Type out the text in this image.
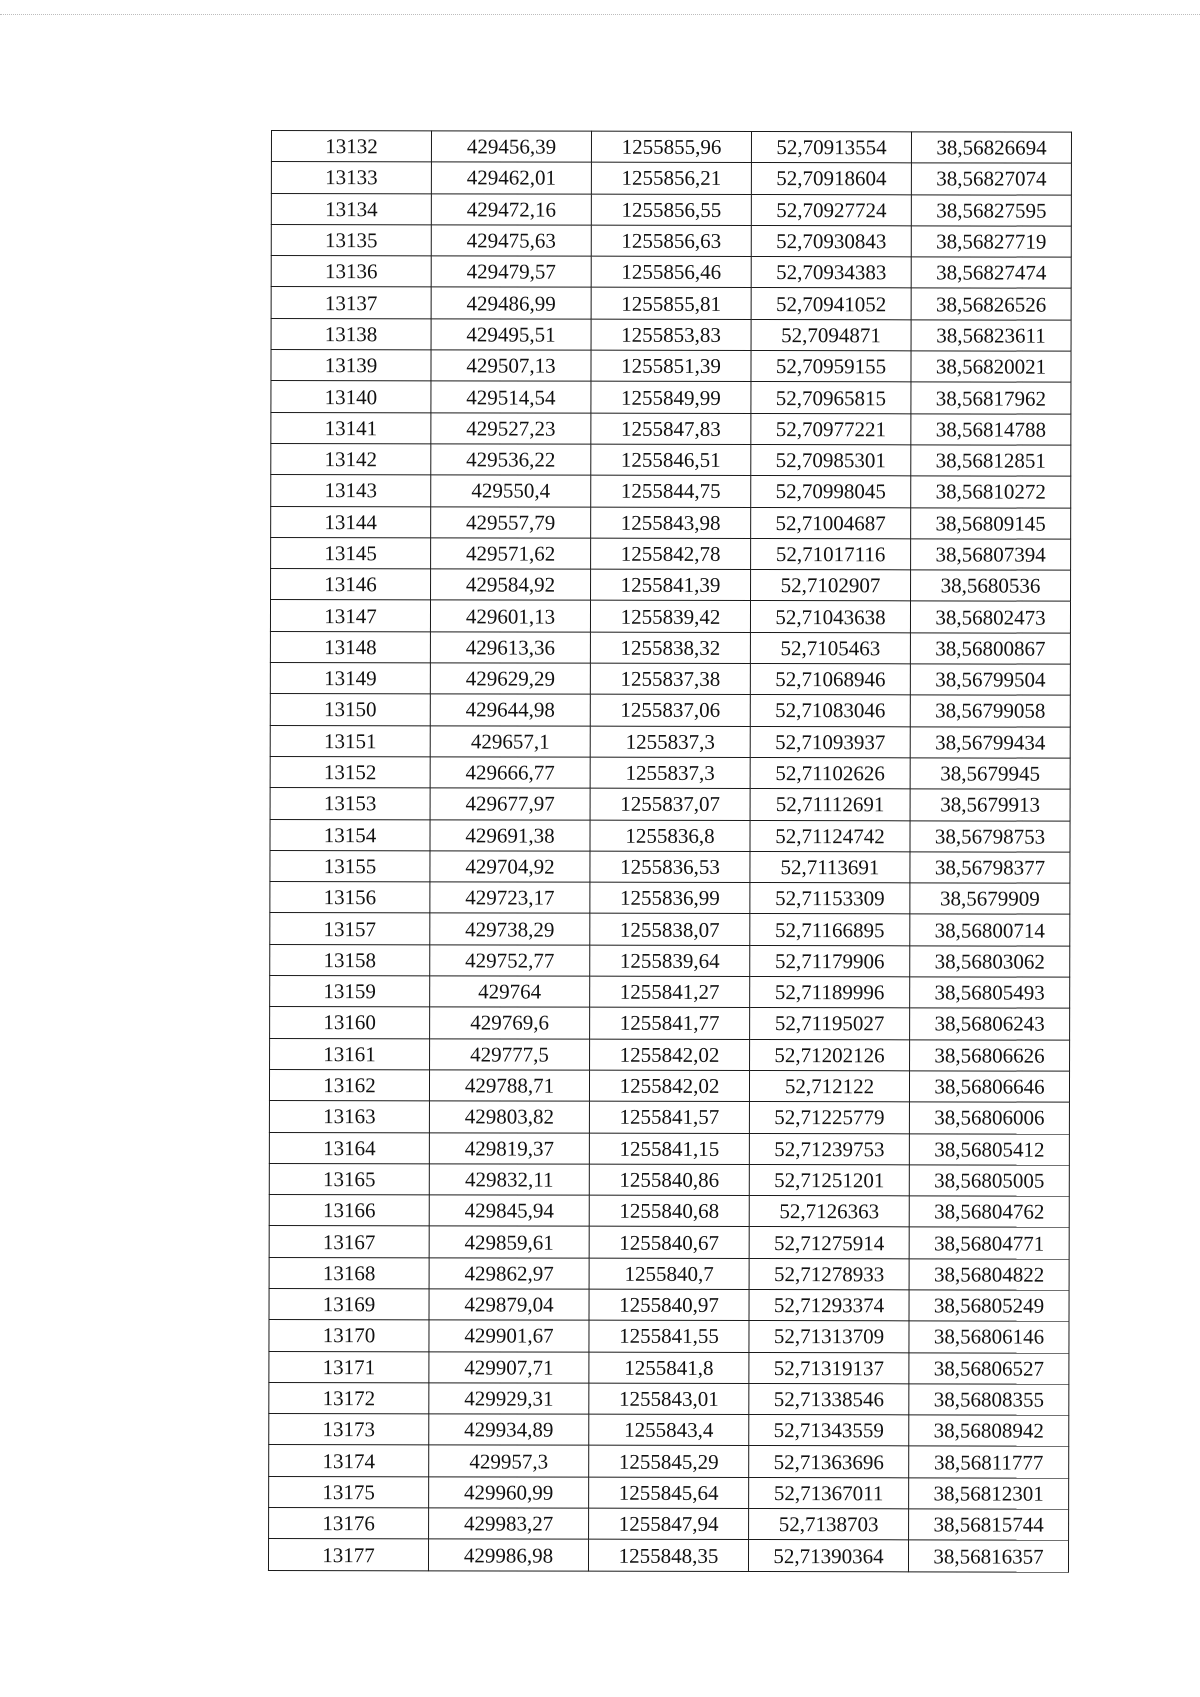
13132	429456,39	1255855,96	52,70913554	38,56826694
13133	429462,01	1255856,21	52,70918604	38,56827074
13134	429472,16	1255856,55	52,70927724	38,56827595
13135	429475,63	1255856,63	52,70930843	38,56827719
13136	429479,57	1255856,46	52,70934383	38,56827474
13137	429486,99	1255855,81	52,70941052	38,56826526
13138	429495,51	1255853,83	52,7094871	38,56823611
13139	429507,13	1255851,39	52,70959155	38,56820021
13140	429514,54	1255849,99	52,70965815	38,56817962
13141	429527,23	1255847,83	52,70977221	38,56814788
13142	429536,22	1255846,51	52,70985301	38,56812851
13143	429550,4	1255844,75	52,70998045	38,56810272
13144	429557,79	1255843,98	52,71004687	38,56809145
13145	429571,62	1255842,78	52,71017116	38,56807394
13146	429584,92	1255841,39	52,7102907	38,5680536
13147	429601,13	1255839,42	52,71043638	38,56802473
13148	429613,36	1255838,32	52,7105463	38,56800867
13149	429629,29	1255837,38	52,71068946	38,56799504
13150	429644,98	1255837,06	52,71083046	38,56799058
13151	429657,1	1255837,3	52,71093937	38,56799434
13152	429666,77	1255837,3	52,71102626	38,5679945
13153	429677,97	1255837,07	52,71112691	38,5679913
13154	429691,38	1255836,8	52,71124742	38,56798753
13155	429704,92	1255836,53	52,7113691	38,56798377
13156	429723,17	1255836,99	52,71153309	38,5679909
13157	429738,29	1255838,07	52,71166895	38,56800714
13158	429752,77	1255839,64	52,71179906	38,56803062
13159	429764	1255841,27	52,71189996	38,56805493
13160	429769,6	1255841,77	52,71195027	38,56806243
13161	429777,5	1255842,02	52,71202126	38,56806626
13162	429788,71	1255842,02	52,712122	38,56806646
13163	429803,82	1255841,57	52,71225779	38,56806006
13164	429819,37	1255841,15	52,71239753	38,56805412
13165	429832,11	1255840,86	52,71251201	38,56805005
13166	429845,94	1255840,68	52,7126363	38,56804762
13167	429859,61	1255840,67	52,71275914	38,56804771
13168	429862,97	1255840,7	52,71278933	38,56804822
13169	429879,04	1255840,97	52,71293374	38,56805249
13170	429901,67	1255841,55	52,71313709	38,56806146
13171	429907,71	1255841,8	52,71319137	38,56806527
13172	429929,31	1255843,01	52,71338546	38,56808355
13173	429934,89	1255843,4	52,71343559	38,56808942
13174	429957,3	1255845,29	52,71363696	38,56811777
13175	429960,99	1255845,64	52,71367011	38,56812301
13176	429983,27	1255847,94	52,7138703	38,56815744
13177	429986,98	1255848,35	52,71390364	38,56816357
